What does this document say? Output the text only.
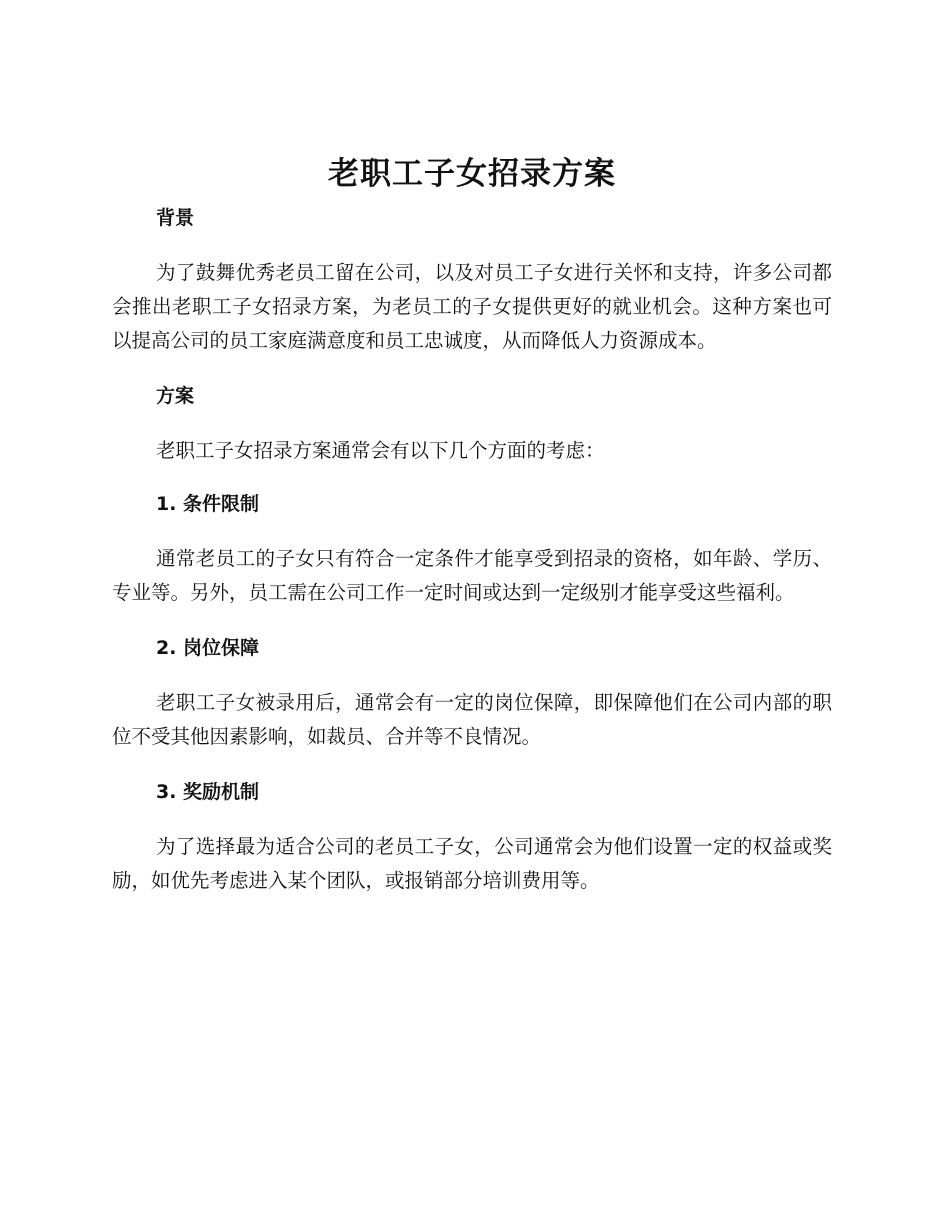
老职工子女招录方案
背景

为了鼓舞优秀老员工留在公司，以及对员工子女进行关怀和支持，许多公司都会推出老职工子女招录方案，为老员工的子女提供更好的就业机会。这种方案也可以提高公司的员工家庭满意度和员工忠诚度，从而降低人力资源成本。

方案

老职工子女招录方案通常会有以下几个方面的考虑：

1. 条件限制

通常老员工的子女只有符合一定条件才能享受到招录的资格，如年龄、学历、专业等。另外，员工需在公司工作一定时间或达到一定级别才能享受这些福利。

2. 岗位保障

老职工子女被录用后，通常会有一定的岗位保障，即保障他们在公司内部的职位不受其他因素影响，如裁员、合并等不良情况。

3. 奖励机制

为了选择最为适合公司的老员工子女，公司通常会为他们设置一定的权益或奖励，如优先考虑进入某个团队，或报销部分培训费用等。
